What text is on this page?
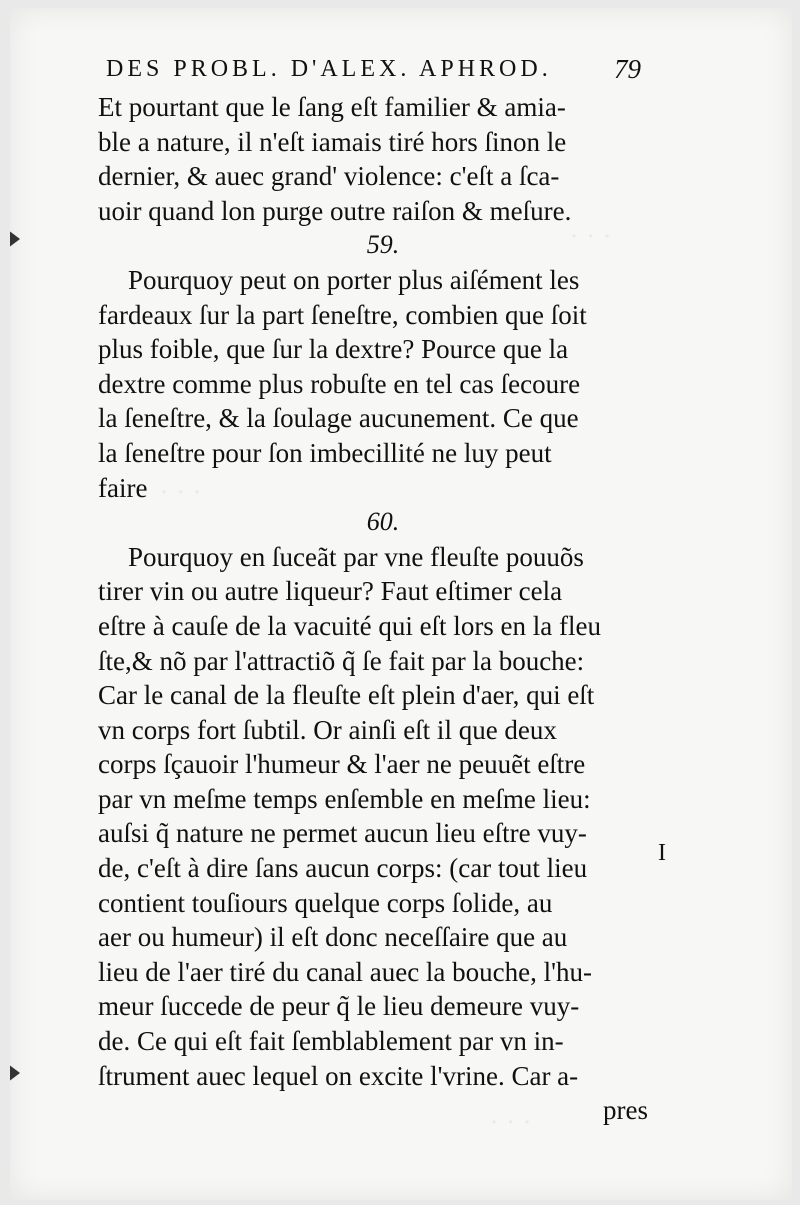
· · ·
· · ·
· · ·
DES PROBL. D'ALEX. APHROD.	79
Et pourtant que le ſang eſt familier & amia-
ble a nature, il n'eſt iamais tiré hors ſinon le
dernier, & auec grand' violence: c'eſt a ſca-
uoir quand lon purge outre raiſon & meſure.
59.
Pourquoy peut on porter plus aiſément les
fardeaux ſur la part ſeneſtre, combien que ſoit
plus foible, que ſur la dextre? Pource que la
dextre comme plus robuſte en tel cas ſecoure
la ſeneſtre, & la ſoulage aucunement. Ce que
la ſeneſtre pour ſon imbecillité ne luy peut
faire
60.
Pourquoy en ſuceãt par vne fleuſte pouuõs
tirer vin ou autre liqueur? Faut eſtimer cela
eſtre à cauſe de la vacuité qui eſt lors en la fleu
ſte,& nõ par l'attractiõ q̃ ſe fait par la bouche:
Car le canal de la fleuſte eſt plein d'aer, qui eſt
vn corps fort ſubtil. Or ainſi eſt il que deux
corps ſçauoir l'humeur & l'aer ne peuuẽt eſtre
par vn meſme temps enſemble en meſme lieu:
auſsi q̃ nature ne permet aucun lieu eſtre vuy-
de, c'eſt à dire ſans aucun corps: (car tout lieu
contient touſiours quelque corps ſolide, au
aer ou humeur) il eſt donc neceſſaire que au
lieu de l'aer tiré du canal auec la bouche, l'hu-
meur ſuccede de peur q̃ le lieu demeure vuy-
de. Ce qui eſt fait ſemblablement par vn in-
ſtrument auec lequel on excite l'vrine. Car a-
pres
I
